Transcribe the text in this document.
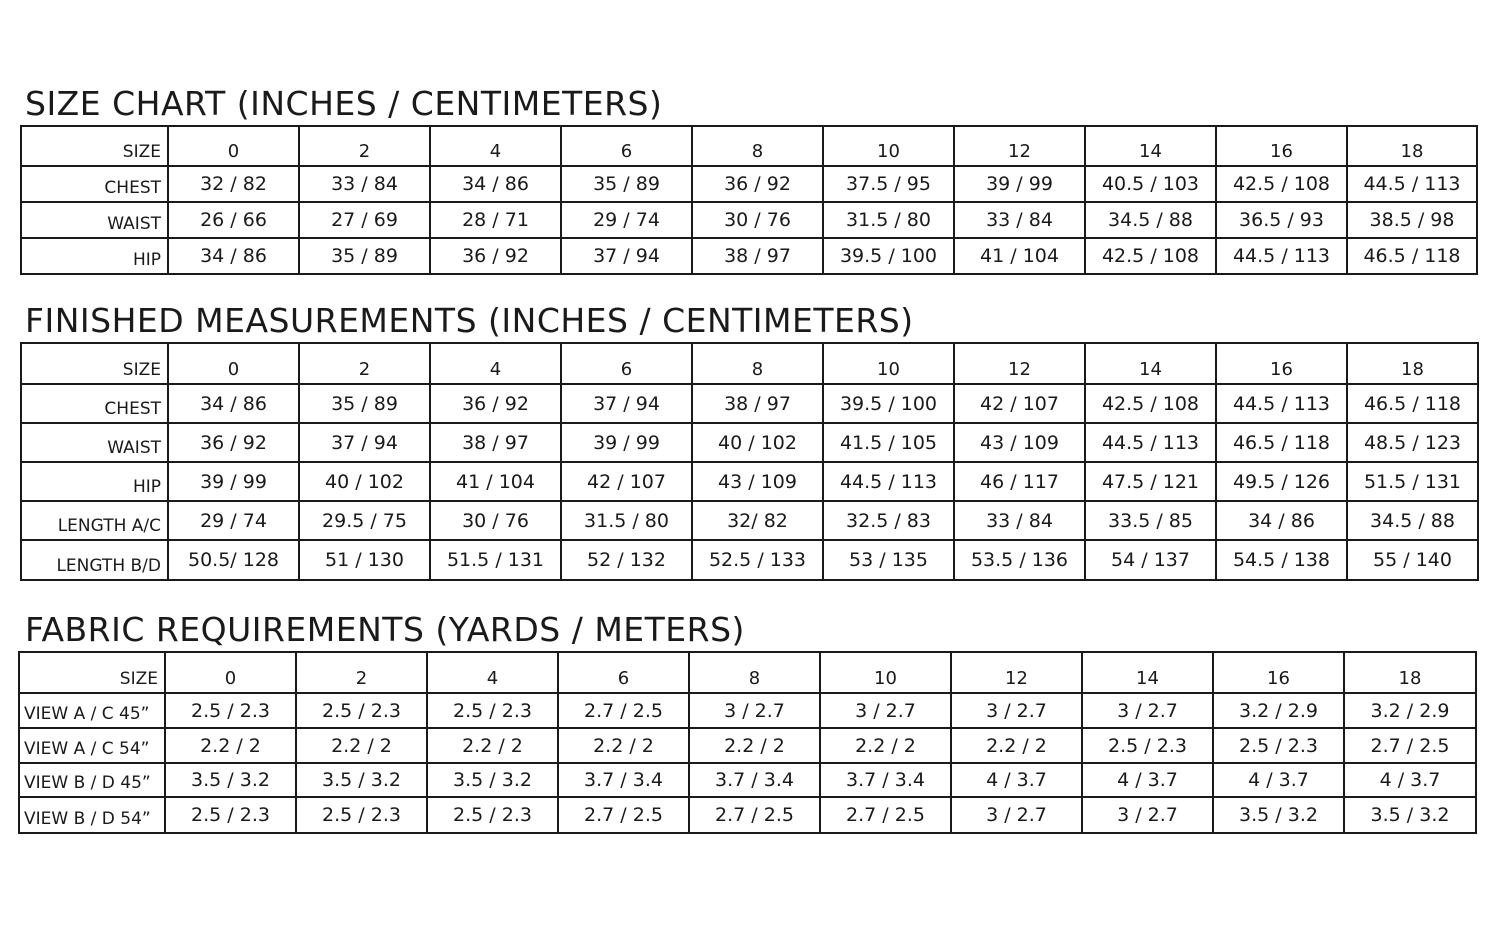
SIZE CHART (INCHES / CENTIMETERS)
SIZE	0	2	4	6	8	10	12	14	16	18
CHEST	32 / 82	33 / 84	34 / 86	35 / 89	36 / 92	37.5 / 95	39 / 99	40.5 / 103	42.5 / 108	44.5 / 113
WAIST	26 / 66	27 / 69	28 / 71	29 / 74	30 / 76	31.5 / 80	33 / 84	34.5 / 88	36.5 / 93	38.5 / 98
HIP	34 / 86	35 / 89	36 / 92	37 / 94	38 / 97	39.5 / 100	41 / 104	42.5 / 108	44.5 / 113	46.5 / 118
FINISHED MEASUREMENTS (INCHES / CENTIMETERS)
SIZE	0	2	4	6	8	10	12	14	16	18
CHEST	34 / 86	35 / 89	36 / 92	37 / 94	38 / 97	39.5 / 100	42 / 107	42.5 / 108	44.5 / 113	46.5 / 118
WAIST	36 / 92	37 / 94	38 / 97	39 / 99	40 / 102	41.5 / 105	43 / 109	44.5 / 113	46.5 / 118	48.5 / 123
HIP	39 / 99	40 / 102	41 / 104	42 / 107	43 / 109	44.5 / 113	46 / 117	47.5 / 121	49.5 / 126	51.5 / 131
LENGTH A/C	29 / 74	29.5 / 75	30 / 76	31.5 / 80	32/ 82	32.5 / 83	33 / 84	33.5 / 85	34 / 86	34.5 / 88
LENGTH B/D	50.5/ 128	51 / 130	51.5 / 131	52 / 132	52.5 / 133	53 / 135	53.5 / 136	54 / 137	54.5 / 138	55 / 140
FABRIC REQUIREMENTS (YARDS / METERS)
SIZE	0	2	4	6	8	10	12	14	16	18
VIEW A / C 45”	2.5 / 2.3	2.5 / 2.3	2.5 / 2.3	2.7 / 2.5	3 / 2.7	3 / 2.7	3 / 2.7	3 / 2.7	3.2 / 2.9	3.2 / 2.9
VIEW A / C 54”	2.2 / 2	2.2 / 2	2.2 / 2	2.2 / 2	2.2 / 2	2.2 / 2	2.2 / 2	2.5 / 2.3	2.5 / 2.3	2.7 / 2.5
VIEW B / D 45”	3.5 / 3.2	3.5 / 3.2	3.5 / 3.2	3.7 / 3.4	3.7 / 3.4	3.7 / 3.4	4 / 3.7	4 / 3.7	4 / 3.7	4 / 3.7
VIEW B / D 54”	2.5 / 2.3	2.5 / 2.3	2.5 / 2.3	2.7 / 2.5	2.7 / 2.5	2.7 / 2.5	3 / 2.7	3 / 2.7	3.5 / 3.2	3.5 / 3.2
